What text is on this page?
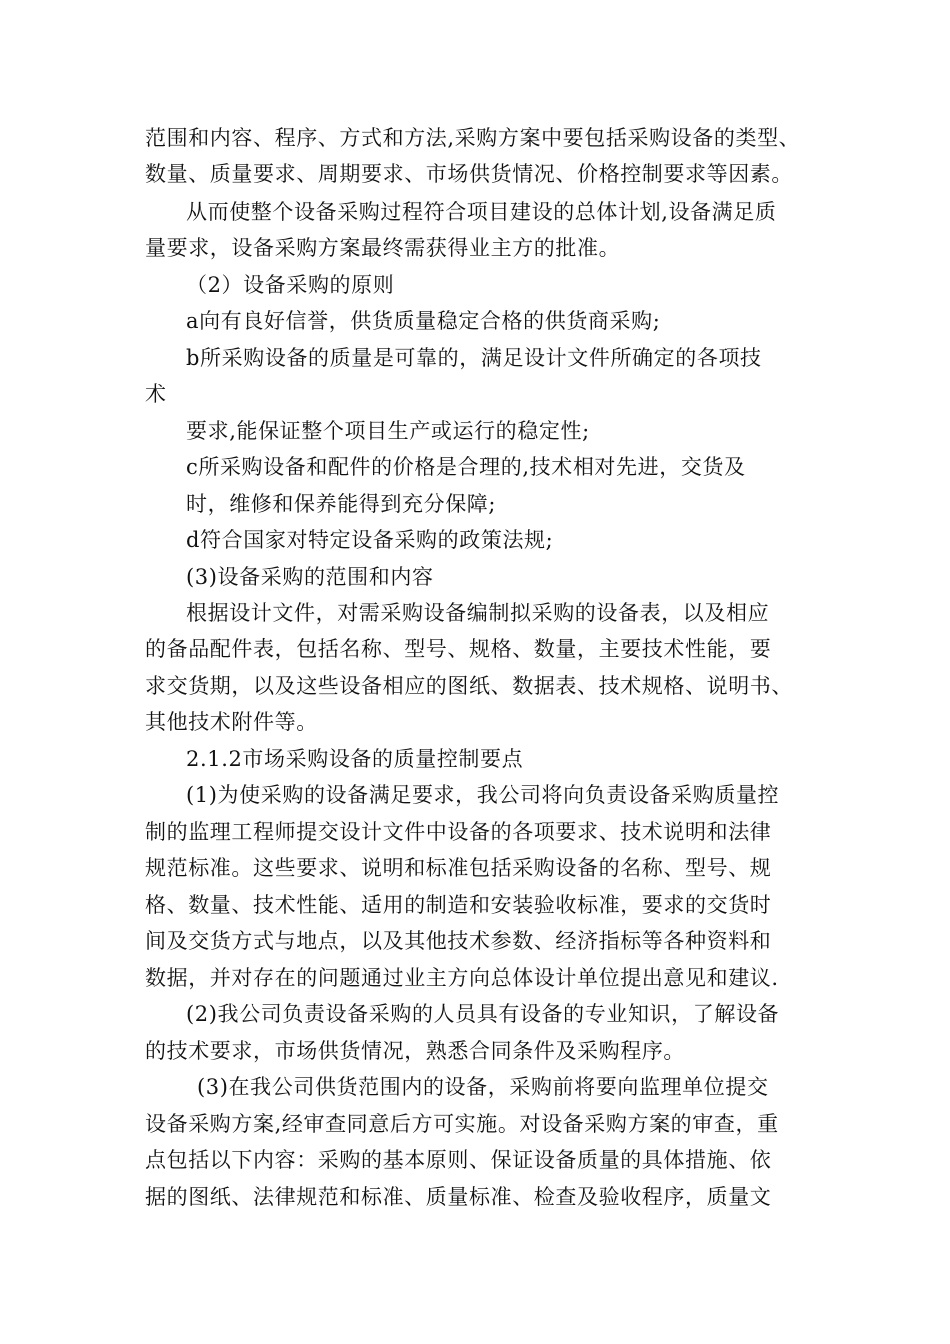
范围和内容、程序、方式和方法,采购方案中要包括采购设备的类型、
数量、质量要求、周期要求、市场供货情况、价格控制要求等因素。
从而使整个设备采购过程符合项目建设的总体计划,设备满足质
量要求，设备采购方案最终需获得业主方的批准。
（2）设备采购的原则
a向有良好信誉，供货质量稳定合格的供货商采购;
b所采购设备的质量是可靠的，满足设计文件所确定的各项技
术
要求,能保证整个项目生产或运行的稳定性;
c所采购设备和配件的价格是合理的,技术相对先进，交货及
时，维修和保养能得到充分保障;
d符合国家对特定设备采购的政策法规;
(3)设备采购的范围和内容
根据设计文件，对需采购设备编制拟采购的设备表，以及相应
的备品配件表，包括名称、型号、规格、数量，主要技术性能，要
求交货期，以及这些设备相应的图纸、数据表、技术规格、说明书、
其他技术附件等。
2.1.2市场采购设备的质量控制要点
(1)为使采购的设备满足要求，我公司将向负责设备采购质量控
制的监理工程师提交设计文件中设备的各项要求、技术说明和法律
规范标准。这些要求、说明和标准包括采购设备的名称、型号、规
格、数量、技术性能、适用的制造和安装验收标准，要求的交货时
间及交货方式与地点，以及其他技术参数、经济指标等各种资料和
数据，并对存在的问题通过业主方向总体设计单位提出意见和建议.
(2)我公司负责设备采购的人员具有设备的专业知识，了解设备
的技术要求，市场供货情况，熟悉合同条件及采购程序。
(3)在我公司供货范围内的设备，采购前将要向监理单位提交
设备采购方案,经审查同意后方可实施。对设备采购方案的审查，重
点包括以下内容：采购的基本原则、保证设备质量的具体措施、依
据的图纸、法律规范和标准、质量标准、检查及验收程序，质量文
